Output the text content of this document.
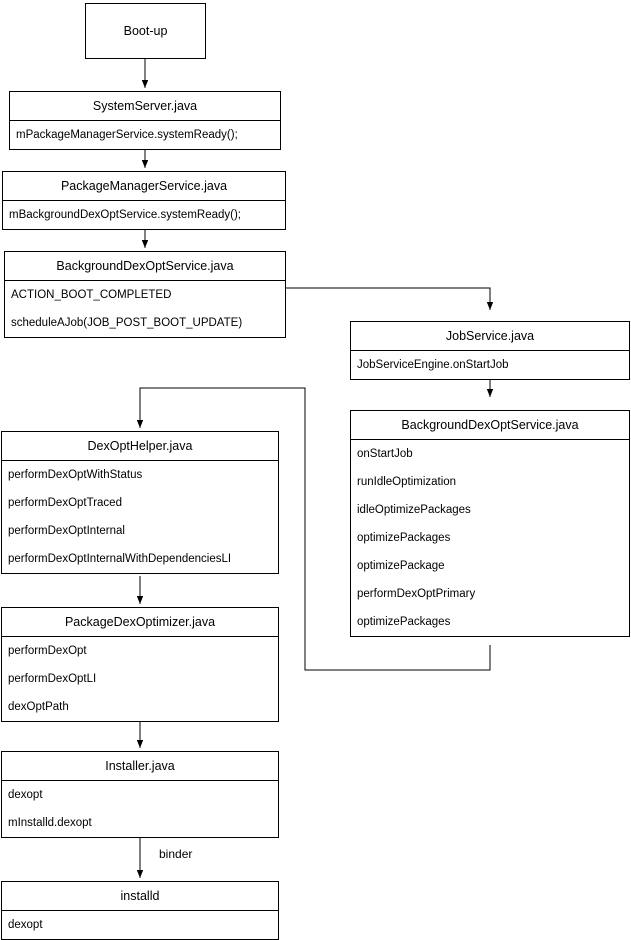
Boot-up
SystemServer.java
mPackageManagerService.systemReady();
PackageManagerService.java
mBackgroundDexOptService.systemReady();
BackgroundDexOptService.java
ACTION_BOOT_COMPLETED
scheduleAJob(JOB_POST_BOOT_UPDATE)
JobService.java
JobServiceEngine.onStartJob
BackgroundDexOptService.java
onStartJob
runIdleOptimization
idleOptimizePackages
optimizePackages
optimizePackage
performDexOptPrimary
optimizePackages
DexOptHelper.java
performDexOptWithStatus
performDexOptTraced
performDexOptInternal
performDexOptInternalWithDependenciesLI
PackageDexOptimizer.java
performDexOpt
performDexOptLI
dexOptPath
Installer.java
dexopt
mInstalld.dexopt
installd
dexopt
binder
